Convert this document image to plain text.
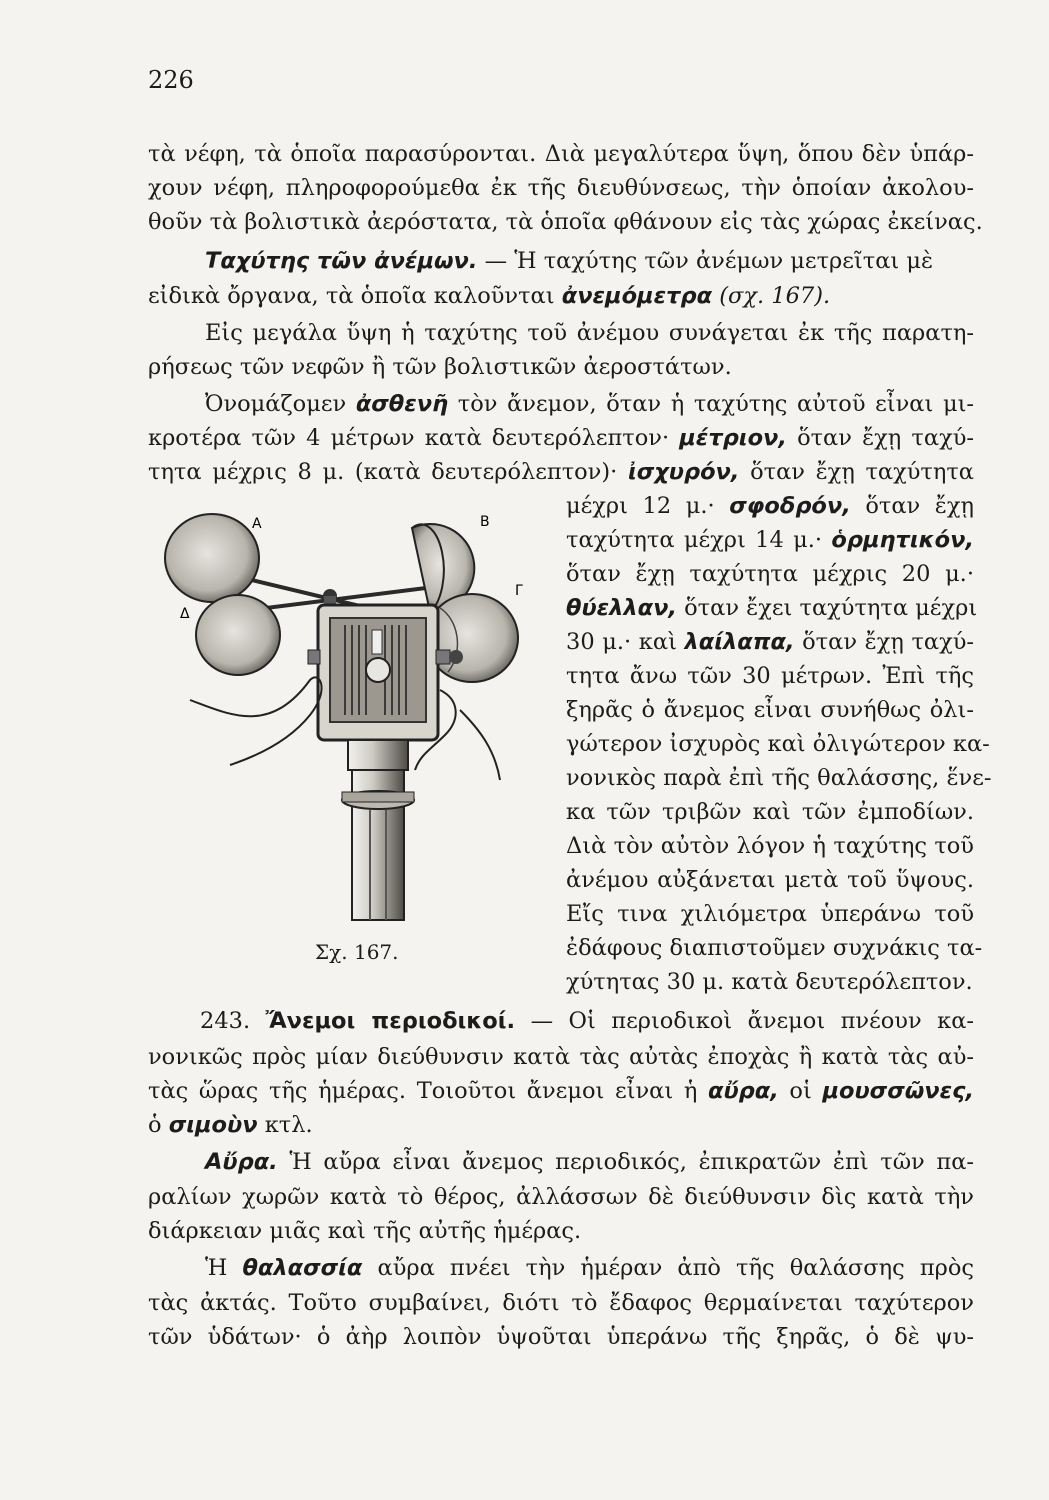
226
τὰ νέφη, τὰ ὁποῖα παρασύρονται. Διὰ μεγαλύτερα ὕψη, ὅπου δὲν ὑπάρ-
χουν νέφη, πληροφορούμεθα ἐκ τῆς διευθύνσεως, τὴν ὁποίαν ἀκολου-
θοῦν τὰ βολιστικὰ ἀερόστατα, τὰ ὁποῖα φθάνουν εἰς τὰς χώρας ἐκείνας.
Ταχύτης τῶν ἀνέμων. — Ἡ ταχύτης τῶν ἀνέμων μετρεῖται μὲ
εἰδικὰ ὄργανα, τὰ ὁποῖα καλοῦνται ἀνεμόμετρα (σχ. 167).
Εἰς μεγάλα ὕψη ἡ ταχύτης τοῦ ἀνέμου συνάγεται ἐκ τῆς παρατη-
ρήσεως τῶν νεφῶν ἢ τῶν βολιστικῶν ἀεροστάτων.
Ὀνομάζομεν ἀσθενῆ τὸν ἄνεμον, ὅταν ἡ ταχύτης αὐτοῦ εἶναι μι-
κροτέρα τῶν 4 μέτρων κατὰ δευτερόλεπτον· μέτριον, ὅταν ἔχῃ ταχύ-
τητα μέχρις 8 μ. (κατὰ δευτερόλεπτον)· ἰσχυρόν, ὅταν ἔχῃ ταχύτητα
μέχρι 12 μ.· σφοδρόν, ὅταν ἔχῃ
ταχύτητα μέχρι 14 μ.· ὁρμητικόν,
ὅταν ἔχῃ ταχύτητα μέχρις 20 μ.·
θύελλαν, ὅταν ἔχει ταχύτητα μέχρι
30 μ.· καὶ λαίλαπα, ὅταν ἔχῃ ταχύ-
τητα ἄνω τῶν 30 μέτρων. Ἐπὶ τῆς
ξηρᾶς ὁ ἄνεμος εἶναι συνήθως ὀλι-
γώτερον ἰσχυρὸς καὶ ὀλιγώτερον κα-
νονικὸς παρὰ ἐπὶ τῆς θαλάσσης, ἕνε-
κα τῶν τριβῶν καὶ τῶν ἐμποδίων.
Διὰ τὸν αὐτὸν λόγον ἡ ταχύτης τοῦ
ἀνέμου αὐξάνεται μετὰ τοῦ ὕψους.
Εἴς τινα χιλιόμετρα ὑπεράνω τοῦ
ἐδάφους διαπιστοῦμεν συχνάκις τα-
χύτητας 30 μ. κατὰ δευτερόλεπτον.
Α	Β
Γ
Δ
Σχ. 167.
243. Ἄνεμοι περιοδικοί. — Οἱ περιοδικοὶ ἄνεμοι πνέουν κα-
νονικῶς πρὸς μίαν διεύθυνσιν κατὰ τὰς αὐτὰς ἐποχὰς ἢ κατὰ τὰς αὐ-
τὰς ὥρας τῆς ἡμέρας. Τοιοῦτοι ἄνεμοι εἶναι ἡ αὔρα, οἱ μουσσῶνες,
ὁ σιμοὺν κτλ.
Αὔρα. Ἡ αὔρα εἶναι ἄνεμος περιοδικός, ἐπικρατῶν ἐπὶ τῶν πα-
ραλίων χωρῶν κατὰ τὸ θέρος, ἀλλάσσων δὲ διεύθυνσιν δὶς κατὰ τὴν
διάρκειαν μιᾶς καὶ τῆς αὐτῆς ἡμέρας.
Ἡ θαλασσία αὔρα πνέει τὴν ἡμέραν ἀπὸ τῆς θαλάσσης πρὸς
τὰς ἀκτάς. Τοῦτο συμβαίνει, διότι τὸ ἔδαφος θερμαίνεται ταχύτερον
τῶν ὑδάτων· ὁ ἀὴρ λοιπὸν ὑψοῦται ὑπεράνω τῆς ξηρᾶς, ὁ δὲ ψυ-
